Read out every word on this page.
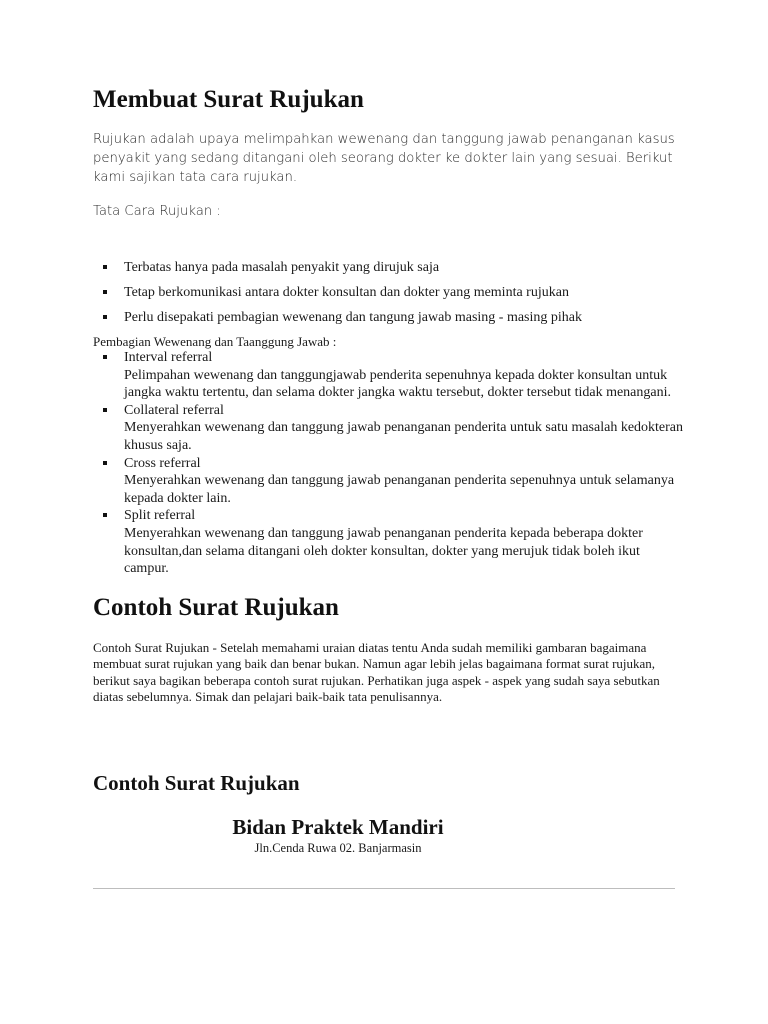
Membuat Surat Rujukan

Rujukan adalah upaya melimpahkan wewenang dan tanggung jawab penanganan kasus penyakit yang sedang ditangani oleh seorang dokter ke dokter lain yang sesuai. Berikut kami sajikan tata cara rujukan.

Tata Cara Rujukan :

Terbatas hanya pada masalah penyakit yang dirujuk saja
Tetap berkomunikasi antara dokter konsultan dan dokter yang meminta rujukan
Perlu disepakati pembagian wewenang dan tangung jawab masing - masing pihak

Pembagian Wewenang dan Taanggung Jawab :

Interval referral
Pelimpahan wewenang dan tanggungjawab penderita sepenuhnya kepada dokter konsultan untuk jangka waktu tertentu, dan selama dokter jangka waktu tersebut, dokter tersebut tidak menangani.
Collateral referral
Menyerahkan wewenang dan tanggung jawab penanganan penderita untuk satu masalah kedokteran khusus saja.
Cross referral
Menyerahkan wewenang dan tanggung jawab penanganan penderita sepenuhnya untuk selamanya kepada dokter lain.
Split referral
Menyerahkan wewenang dan tanggung jawab penanganan penderita kepada beberapa dokter konsultan,dan selama ditangani oleh dokter konsultan, dokter yang merujuk tidak boleh ikut campur.
Contoh Surat Rujukan

Contoh Surat Rujukan - Setelah memahami uraian diatas tentu Anda sudah memiliki gambaran bagaimana membuat surat rujukan yang baik dan benar bukan. Namun agar lebih jelas bagaimana format surat rujukan, berikut saya bagikan beberapa contoh surat rujukan. Perhatikan juga aspek - aspek yang sudah saya sebutkan diatas sebelumnya. Simak dan pelajari baik-baik tata penulisannya.

Contoh Surat Rujukan

Bidan Praktek Mandiri

Jln.Cenda Ruwa 02. Banjarmasin
